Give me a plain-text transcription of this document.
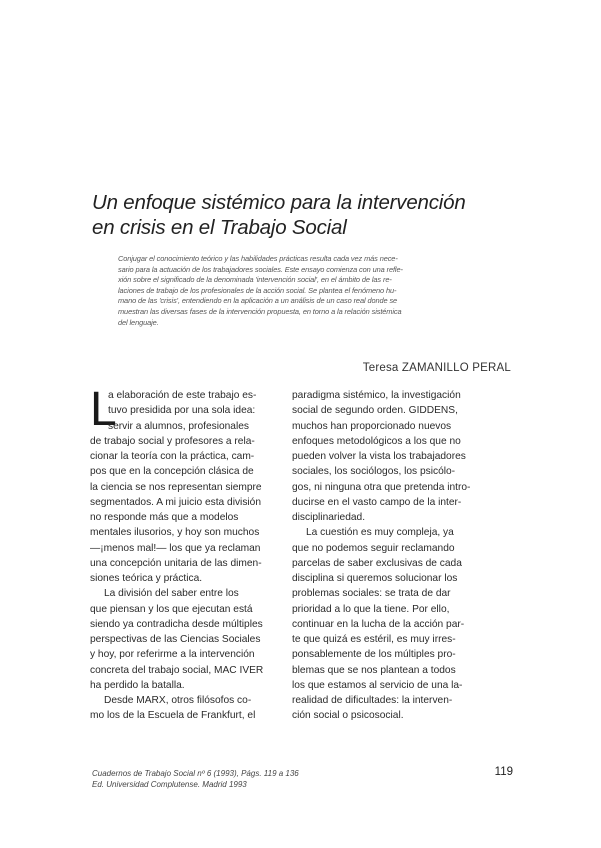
Un enfoque sistémico para la intervención
en crisis en el Trabajo Social
Conjugar el conocimiento teórico y las habilidades prácticas resulta cada vez más nece-
sario para la actuación de los trabajadores sociales. Este ensayo comienza con una refle-
xión sobre el significado de la denominada 'intervención social', en el ámbito de las re-
laciones de trabajo de los profesionales de la acción social. Se plantea el fenómeno hu-
mano de las 'crisis', entendiendo en la aplicación a un análisis de un caso real donde se
muestran las diversas fases de la intervención propuesta, en torno a la relación sistémica
del lenguaje.
Teresa ZAMANILLO PERAL
L
a elaboración de este trabajo es-
tuvo presidida por una sola idea:
servir a alumnos, profesionales
de trabajo social y profesores a rela-
cionar la teoría con la práctica, cam-
pos que en la concepción clásica de
la ciencia se nos representan siempre
segmentados. A mi juicio esta división
no responde más que a modelos
mentales ilusorios, y hoy son muchos
—¡menos mal!— los que ya reclaman
una concepción unitaria de las dimen-
siones teórica y práctica.
La división del saber entre los
que piensan y los que ejecutan está
siendo ya contradicha desde múltiples
perspectivas de las Ciencias Sociales
y hoy, por referirme a la intervención
concreta del trabajo social, MAC IVER
ha perdido la batalla.
Desde MARX, otros filósofos co-
mo los de la Escuela de Frankfurt, el
paradigma sistémico, la investigación
social de segundo orden. GIDDENS,
muchos han proporcionado nuevos
enfoques metodológicos a los que no
pueden volver la vista los trabajadores
sociales, los sociólogos, los psicólo-
gos, ni ninguna otra que pretenda intro-
ducirse en el vasto campo de la inter-
disciplinariedad.
La cuestión es muy compleja, ya
que no podemos seguir reclamando
parcelas de saber exclusivas de cada
disciplina si queremos solucionar los
problemas sociales: se trata de dar
prioridad a lo que la tiene. Por ello,
continuar en la lucha de la acción par-
te que quizá es estéril, es muy irres-
ponsablemente de los múltiples pro-
blemas que se nos plantean a todos
los que estamos al servicio de una la-
realidad de dificultades: la interven-
ción social o psicosocial.
Cuadernos de Trabajo Social nº 6 (1993), Págs. 119 a 136
Ed. Universidad Complutense. Madrid 1993
119
